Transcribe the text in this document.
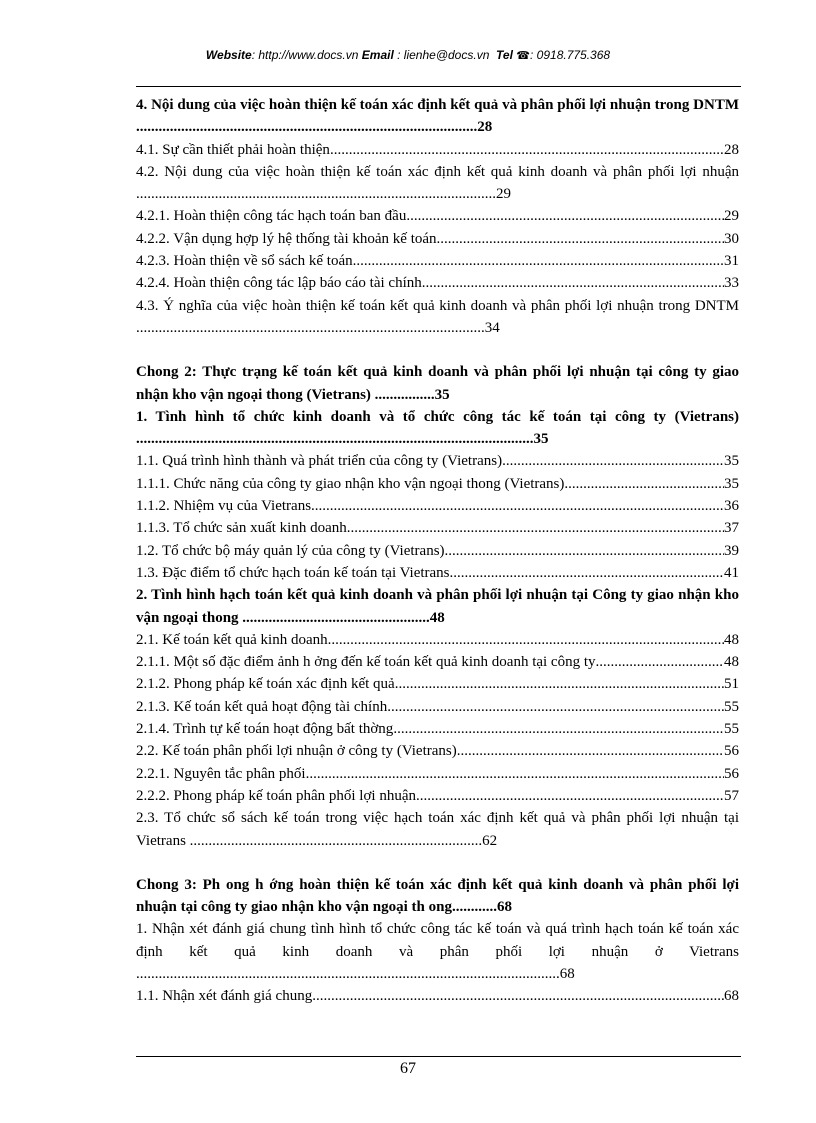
Website: http://www.docs.vn Email : lienhe@docs.vn Tel ☎: 0918.775.368
4. Nội dung của việc hoàn thiện kế toán xác định kết quả và phân phối lợi nhuận trong DNTM ...........................................................................................28
4.1. Sự cần thiết phải hoàn thiện .....	28
4.2. Nội dung của việc hoàn thiện kế toán xác định kết quả kinh doanh và phân phối lợi nhuận ................................................................................................29
4.2.1. Hoàn thiện công tác hạch toán ban đầu .....	29
4.2.2. Vận dụng hợp lý hệ thống tài khoản kế toán .....	30
4.2.3. Hoàn thiện về sổ sách kế toán .....	31
4.2.4. Hoàn thiện công tác lập báo cáo tài chính .....	33
4.3. Ý nghĩa của việc hoàn thiện kế toán kết quả kinh doanh và phân phối lợi nhuận trong DNTM .............................................................................................34
Chong 2: Thực trạng kế toán kết quả kinh doanh và phân phối lợi nhuận tại công ty giao nhận kho vận ngoại thong (Vietrans) ................35
1. Tình hình tổ chức kinh doanh và tổ chức công tác kế toán tại công ty (Vietrans) ..........................................................................................................35
1.1. Quá trình hình thành và phát triển của công ty (Vietrans) .....	35
1.1.1. Chức năng của công ty giao nhận kho vận ngoại thong (Vietrans) .....	35
1.1.2. Nhiệm vụ của Vietrans .....	36
1.1.3. Tổ chức sản xuất kinh doanh .....	37
1.2. Tổ chức bộ máy quản lý của công ty (Vietrans) .....	39
1.3. Đặc điểm tổ chức hạch toán kế toán tại Vietrans .....	41
2. Tình hình hạch toán kết quả kinh doanh và phân phối lợi nhuận tại Công ty giao nhận kho vận ngoại thong ..................................................48
2.1. Kế toán kết quả kinh doanh .....	48
2.1.1. Một số đặc điểm ảnh h ởng đến kế toán kết quả kinh doanh tại công ty .....	48
2.1.2. Phong pháp kế toán xác định kết quả .....	51
2.1.3. Kế toán kết quả hoạt động tài chính .....	55
2.1.4. Trình tự kế toán hoạt động bất thờng .....	55
2.2. Kế toán phân phối lợi nhuận ở công ty (Vietrans) .....	56
2.2.1. Nguyên tắc phân phối .....	56
2.2.2. Phong pháp kế toán phân phối lợi nhuận .....	57
2.3. Tổ chức sổ sách kế toán trong việc hạch toán xác định kết quả và phân phối lợi nhuận tại Vietrans ..............................................................................62
Chong 3: Ph ong h ớng hoàn thiện kế toán xác định kết quả kinh doanh và phân phối lợi nhuận tại công ty giao nhận kho vận ngoại th ong............68
1. Nhận xét đánh giá chung tình hình tổ chức công tác kế toán và quá trình hạch toán kế toán xác định kết quả kinh doanh và phân phối lợi nhuận ở Vietrans .................................................................................................................68
1.1. Nhận xét đánh giá chung .....	68
67
